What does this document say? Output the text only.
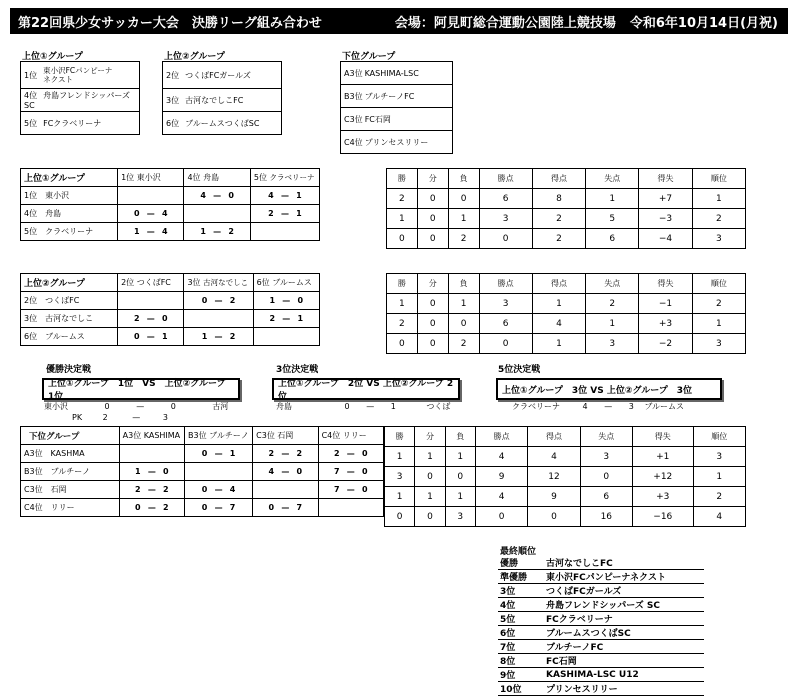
第22回県少女サッカー大会　決勝リーグ組み合わせ	会場：阿見町総合運動公園陸上競技場 令和6年10月14日(月祝)
上位①グループ
1位 東小沢FCパンピーナ
ネクスト
4位 舟島フレンドシッパーズSC
5位 FCクラベリーナ
上位②グループ
2位 つくばFCガールズ
3位 古河なでしこFC
6位 ブルームスつくばSC
下位グループ
A3位 KASHIMA-LSC
B3位 ブルチーノFC
C3位 FC石岡
C4位 プリンセスリリー
上位①グループ	1位 東小沢	4位 舟島	5位 クラベリーナ
1位　東小沢		4 — 0	4 — 1
4位　舟島	0 — 4		2 — 1
5位　クラベリーナ	1 — 4	1 — 2	
勝	分	負	勝点	得点	失点	得失	順位
2	0	0	6	8	1	+7	1
1	0	1	3	2	5	−3	2
0	0	2	0	2	6	−4	3
上位②グループ	2位 つくばFC	3位 古河なでしこ	6位 ブルームス
2位　つくばFC		0 — 2	1 — 0
3位　古河なでしこ	2 — 0		2 — 1
6位　ブルームス	0 — 1	1 — 2	
勝	分	負	勝点	得点	失点	得失	順位
1	0	1	3	1	2	−1	2
2	0	0	6	4	1	+3	1
0	0	2	0	1	3	−2	3
優勝決定戦
上位①グループ　1位　VS　上位②グループ　1位
東小沢	0	—	0	古河
PK	2	—	3
3位決定戦
上位①グループ　2位 VS 上位②グループ 2位
舟島	0 — 1	つくば
5位決定戦
上位①グループ　3位 VS 上位②グループ　3位
クラベリーナ	4 — 3 ブルームス
下位グループ	A3位 KASHIMA	B3位 ブルチーノ	C3位 石岡	C4位 リリー
A3位　KASHMA		0 — 1	2 — 2	2 — 0
B3位　ブルチーノ	1 — 0		4 — 0	7 — 0
C3位　石岡	2 — 2	0 — 4		7 — 0
C4位　リリー	0 — 2	0 — 7	0 — 7	
勝	分	負	勝点	得点	失点	得失	順位
1	1	1	4	4	3	+1	3
3	0	0	9	12	0	+12	1
1	1	1	4	9	6	+3	2
0	0	3	0	0	16	−16	4
最終順位
優勝	古河なでしこFC
準優勝	東小沢FCパンピーナネクスト
3位	つくばFCガールズ
4位	舟島フレンドシッパーズ SC
5位	FCクラベリーナ
6位	ブルームスつくばSC
7位	ブルチーノFC
8位	FC石岡
9位	KASHIMA-LSC U12
10位	プリンセスリリー
